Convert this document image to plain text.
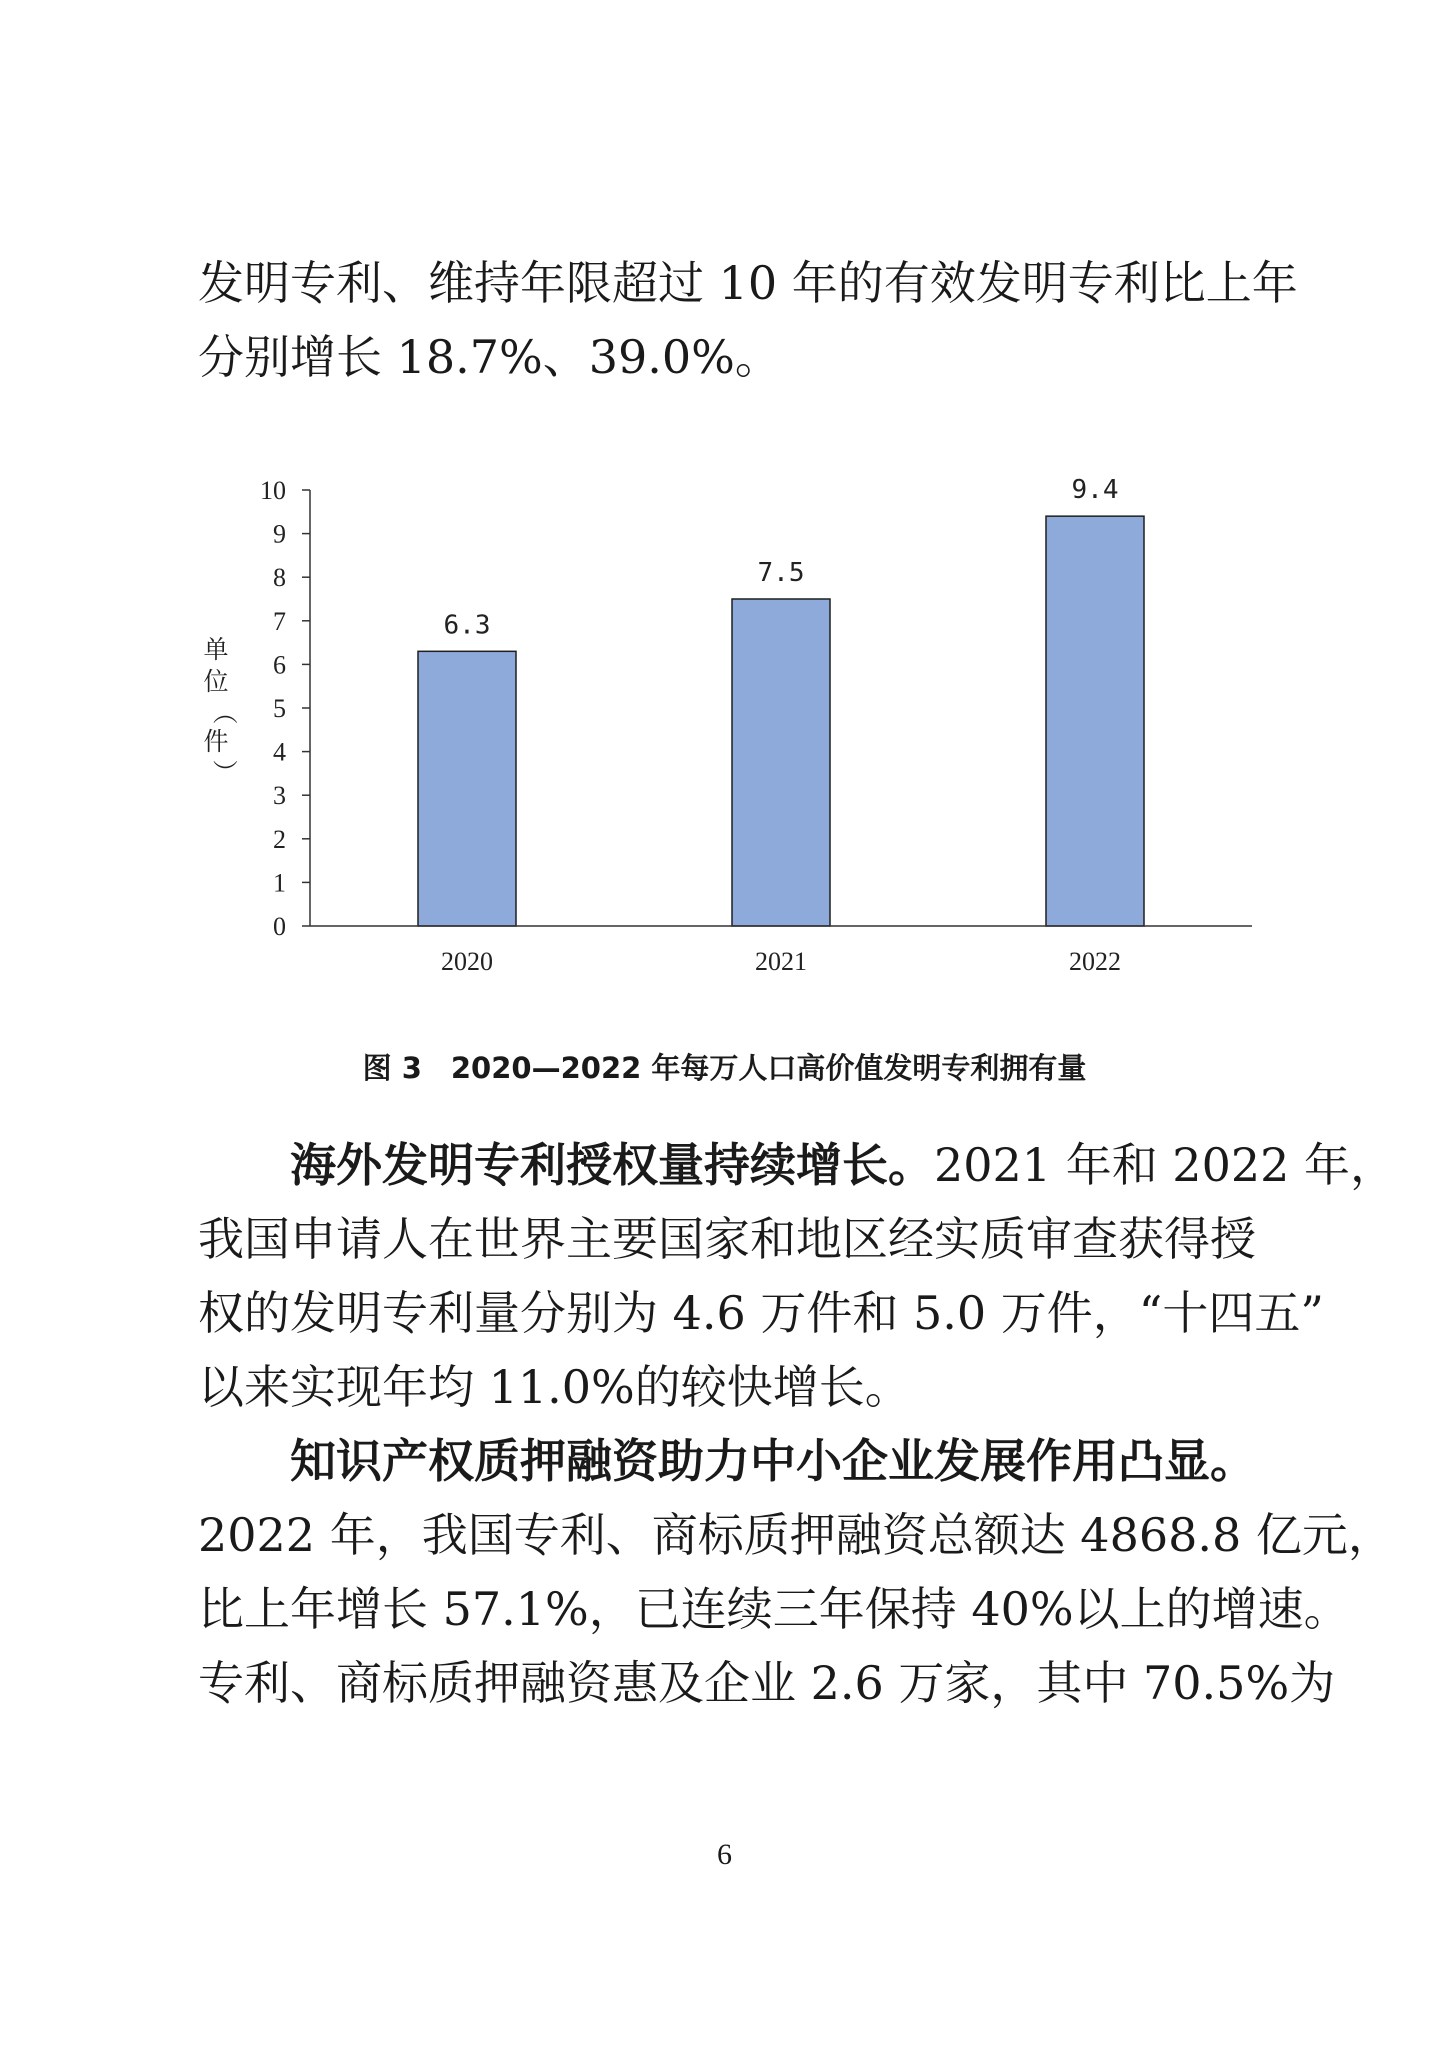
发明专利、维持年限超过 10 年的有效发明专利比上年
分别增长 18.7%、39.0%。
0
1
2
3
4
5
6
7
8
9
10
6.3
7.5
9.4
2020	2021	2022
单
位
（
件
）
图 3　2020—2022 年每万人口高价值发明专利拥有量
海外发明专利授权量持续增长。2021 年和 2022 年，
我国申请人在世界主要国家和地区经实质审查获得授
权的发明专利量分别为 4.6 万件和 5.0 万件，“十四五”
以来实现年均 11.0%的较快增长。
知识产权质押融资助力中小企业发展作用凸显。
2022 年，我国专利、商标质押融资总额达 4868.8 亿元，
比上年增长 57.1%，已连续三年保持 40%以上的增速。
专利、商标质押融资惠及企业 2.6 万家，其中 70.5%为
6
